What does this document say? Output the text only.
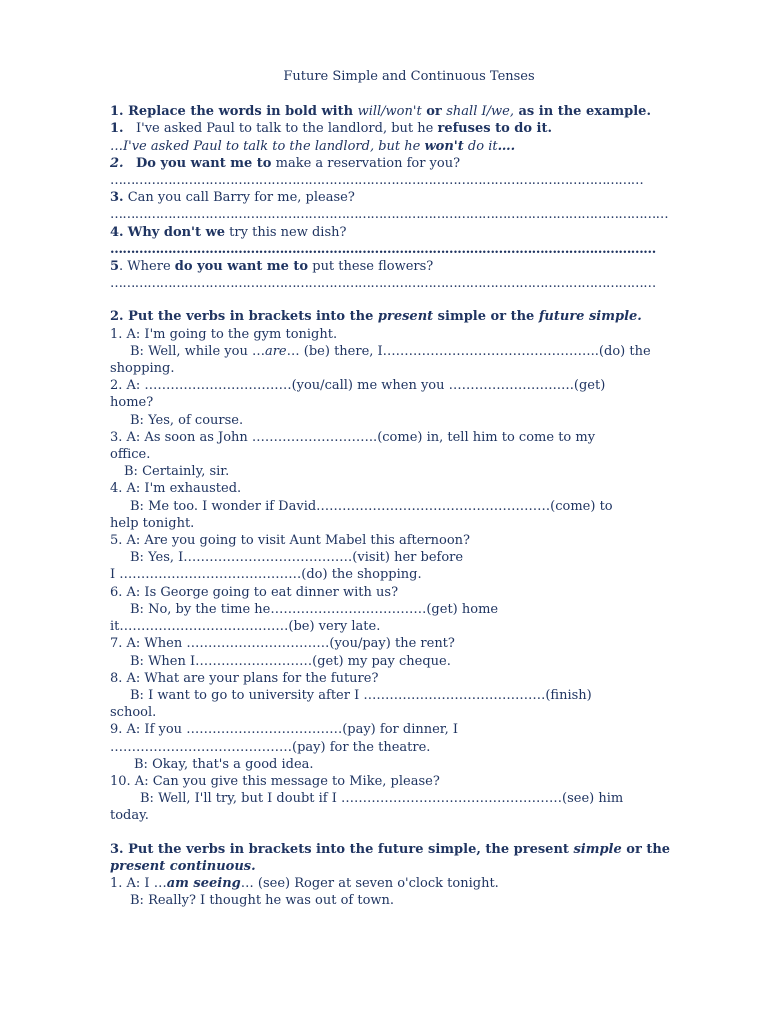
Future Simple and Continuous Tenses
1. Replace the words in bold with will/won't or shall I/we, as in the example.
1. I've asked Paul to talk to the landlord, but he refuses to do it.
…I've asked Paul to talk to the landlord, but he won't do it….
2. Do you want me to make a reservation for you?
…………………………………………………………………………………………………………………
3. Can you call Barry for me, please?
………………………………………………………………………………………………………………………
4. Why don't we try this new dish?
……………………………………………………………………………………………………………………
5. Where do you want me to put these flowers?
……………………………………………………………………………………………………………………
2. Put the verbs in brackets into the present simple or the future simple.
1. A: I'm going to the gym tonight.
B: Well, while you …are… (be) there, I…………………………………………..(do) the
shopping.
2. A: ………………………….…(you/call) me when you …………………….….(get)
home?
B: Yes, of course.
3. A: As soon as John ………………………..(come) in, tell him to come to my
office.
B: Certainly, sir.
4. A: I'm exhausted.
B: Me too. I wonder if David………………………………………………(come) to
help tonight.
5. A: Are you going to visit Aunt Mabel this afternoon?
B: Yes, I…………………………………(visit) her before
I ……………………………………(do) the shopping.
6. A: Is George going to eat dinner with us?
B: No, by the time he………………………………(get) home
it…………………………………(be) very late.
7. A: When ……………………………(you/pay) the rent?
B: When I………………………(get) my pay cheque.
8. A: What are your plans for the future?
B: I want to go to university after I ……………………………………(finish)
school.
9. A: If you ………………………………(pay) for dinner, I
……………………………………(pay) for the theatre.
B: Okay, that's a good idea.
10. A: Can you give this message to Mike, please?
B: Well, I'll try, but I doubt if I ……………………………………………(see) him
today.
3. Put the verbs in brackets into the future simple, the present simple or the present continuous.
1. A: I …am seeing… (see) Roger at seven o'clock tonight.
B: Really? I thought he was out of town.
